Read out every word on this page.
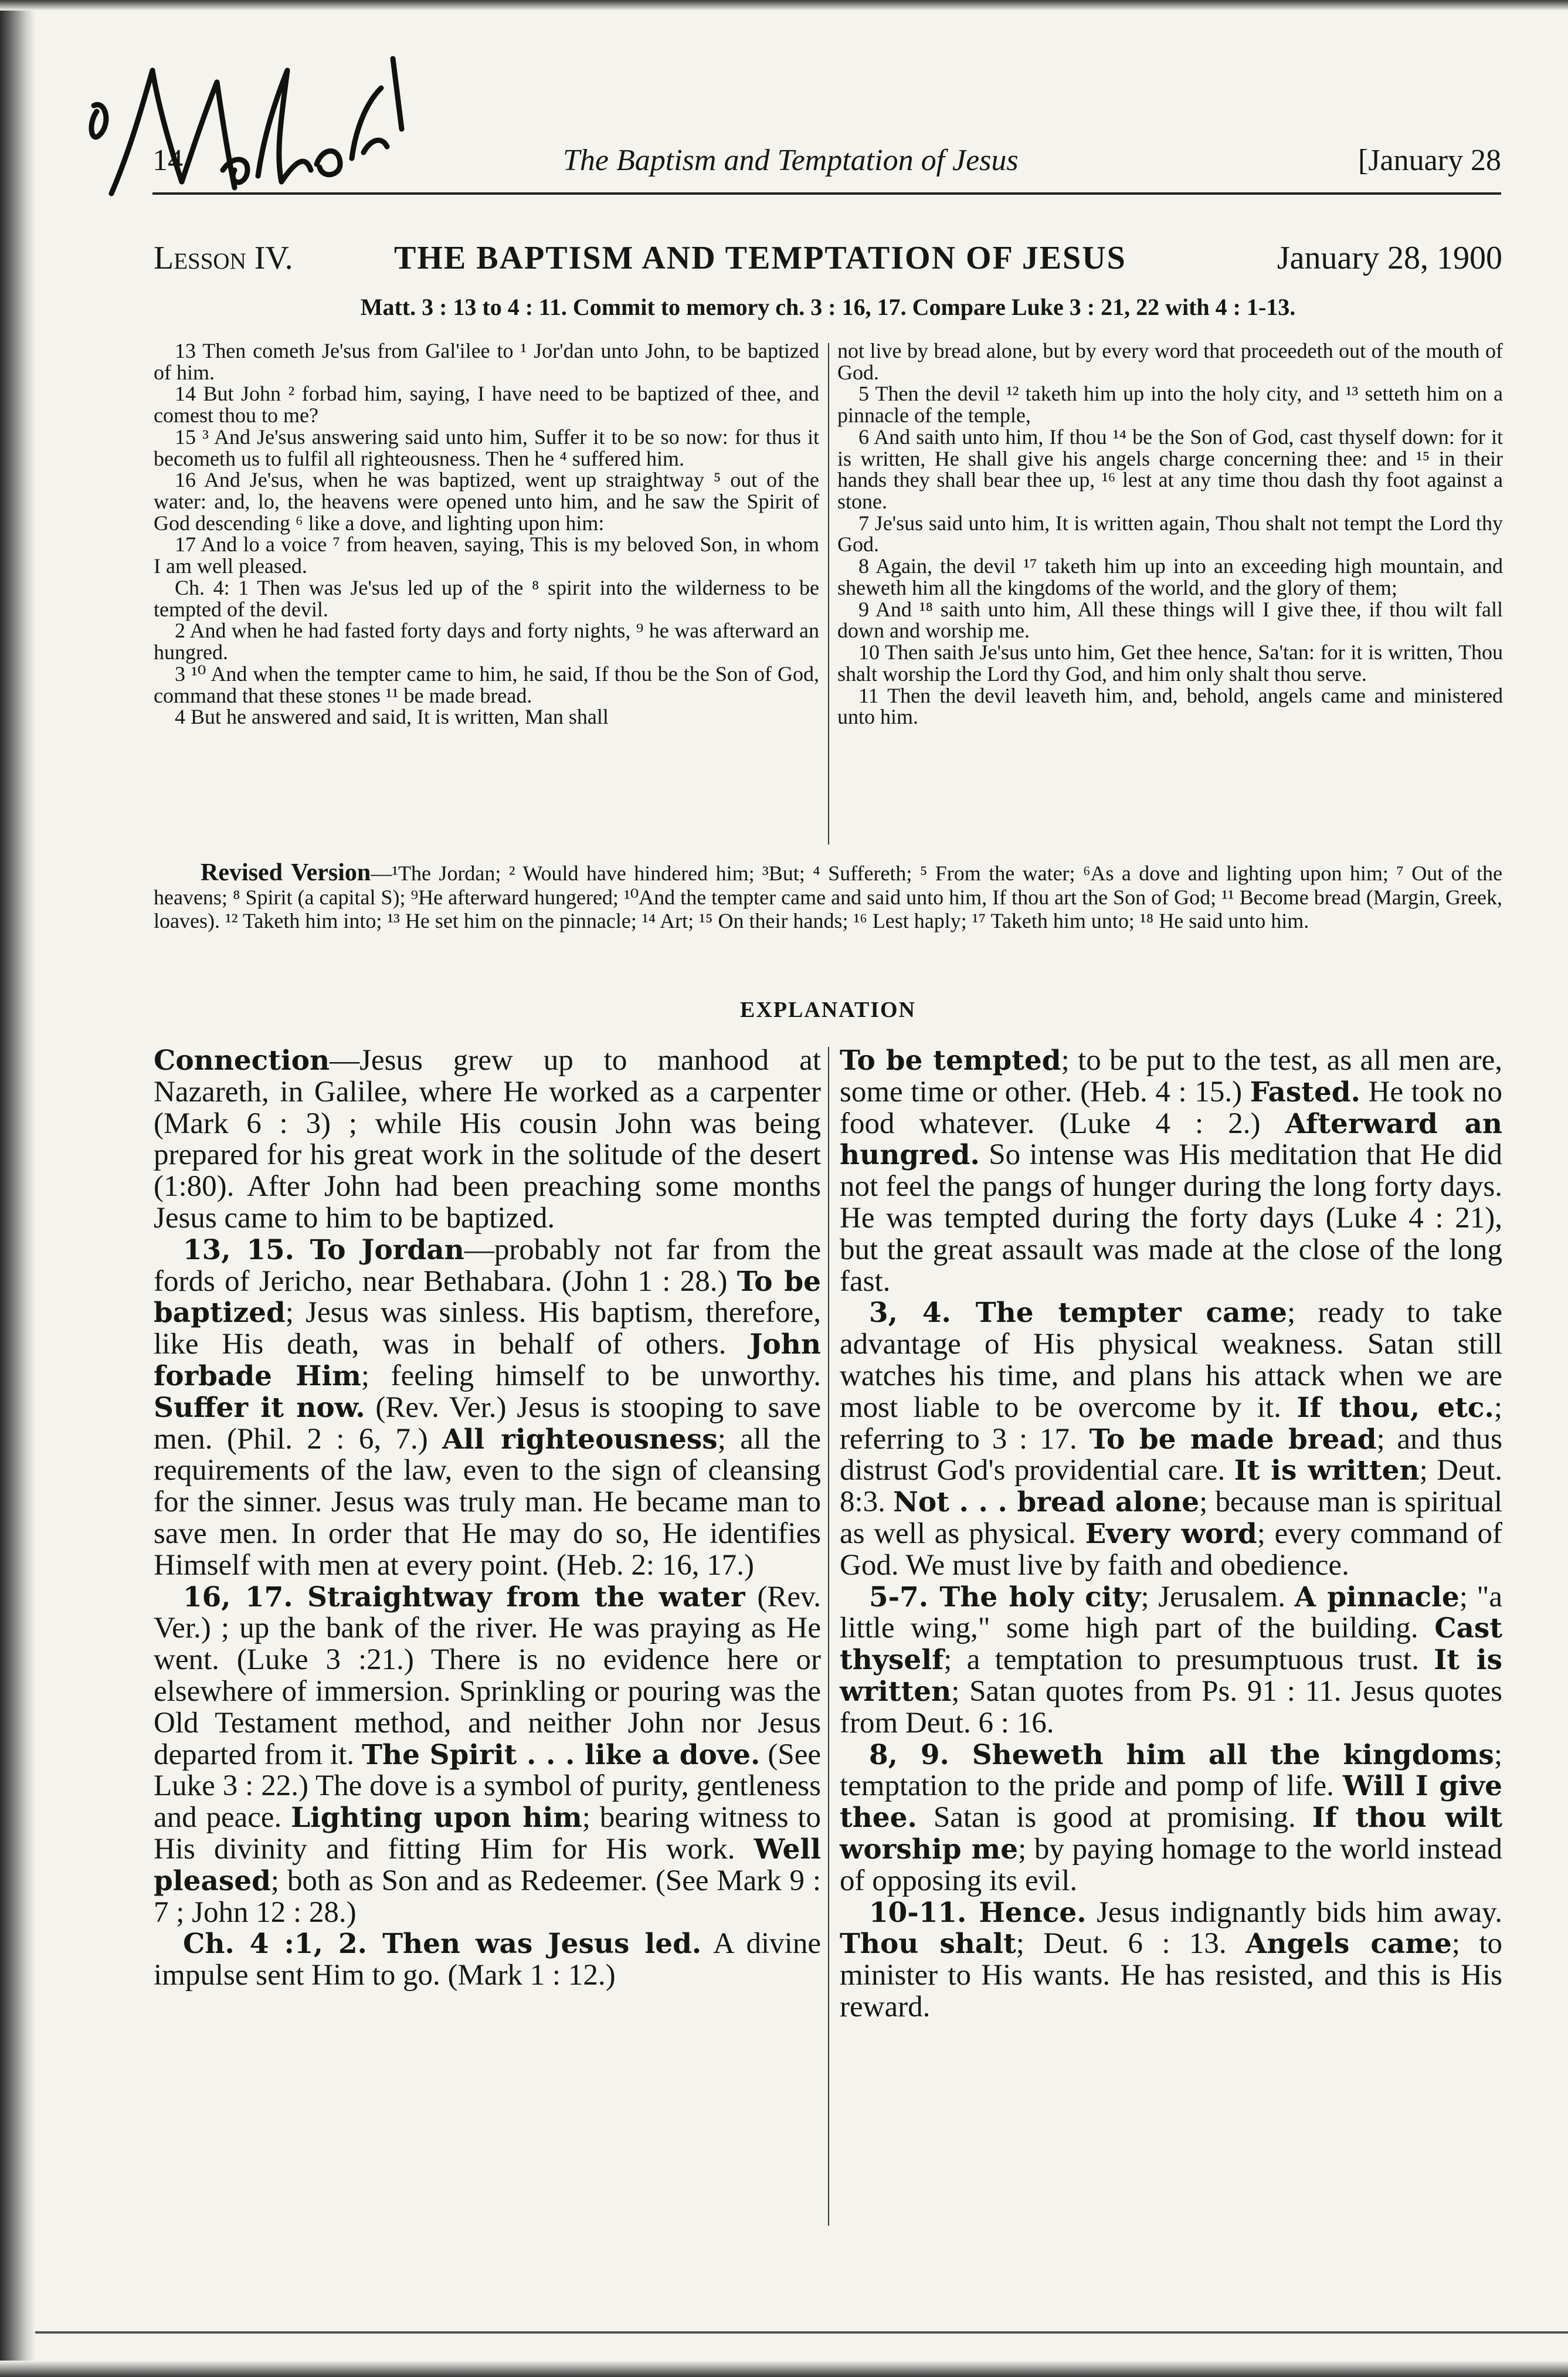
14	The Baptism and Temptation of Jesus	[January 28
Lesson IV.	THE BAPTISM AND TEMPTATION OF JESUS	January 28, 1900
Matt. 3 : 13 to 4 : 11. Commit to memory ch. 3 : 16, 17. Compare Luke 3 : 21, 22 with 4 : 1-13.

13 Then cometh Je'sus from Gal'ilee to ¹ Jor'dan unto John, to be baptized of him.

14 But John ² forbad him, saying, I have need to be baptized of thee, and comest thou to me?

15 ³ And Je'sus answering said unto him, Suffer it to be so now: for thus it becometh us to fulfil all righteousness. Then he ⁴ suffered him.

16 And Je'sus, when he was baptized, went up straightway ⁵ out of the water: and, lo, the heavens were opened unto him, and he saw the Spirit of God descending ⁶ like a dove, and lighting upon him:

17 And lo a voice ⁷ from heaven, saying, This is my beloved Son, in whom I am well pleased.

Ch. 4: 1 Then was Je'sus led up of the ⁸ spirit into the wilderness to be tempted of the devil.

2 And when he had fasted forty days and forty nights, ⁹ he was afterward an hungred.

3 ¹⁰ And when the tempter came to him, he said, If thou be the Son of God, command that these stones ¹¹ be made bread.

4 But he answered and said, It is written, Man shall

not live by bread alone, but by every word that proceedeth out of the mouth of God.

5 Then the devil ¹² taketh him up into the holy city, and ¹³ setteth him on a pinnacle of the temple,

6 And saith unto him, If thou ¹⁴ be the Son of God, cast thyself down: for it is written, He shall give his angels charge concerning thee: and ¹⁵ in their hands they shall bear thee up, ¹⁶ lest at any time thou dash thy foot against a stone.

7 Je'sus said unto him, It is written again, Thou shalt not tempt the Lord thy God.

8 Again, the devil ¹⁷ taketh him up into an exceeding high mountain, and sheweth him all the kingdoms of the world, and the glory of them;

9 And ¹⁸ saith unto him, All these things will I give thee, if thou wilt fall down and worship me.

10 Then saith Je'sus unto him, Get thee hence, Sa'tan: for it is written, Thou shalt worship the Lord thy God, and him only shalt thou serve.

11 Then the devil leaveth him, and, behold, angels came and ministered unto him.

Revised Version—¹The Jordan; ² Would have hindered him; ³But; ⁴ Suffereth; ⁵ From the water; ⁶As a dove and lighting upon him; ⁷ Out of the heavens; ⁸ Spirit (a capital S); ⁹He afterward hungered; ¹⁰And the tempter came and said unto him, If thou art the Son of God; ¹¹ Become bread (Margin, Greek, loaves). ¹² Taketh him into; ¹³ He set him on the pinnacle; ¹⁴ Art; ¹⁵ On their hands; ¹⁶ Lest haply; ¹⁷ Taketh him unto; ¹⁸ He said unto him.
EXPLANATION

Connection—Jesus grew up to manhood at Nazareth, in Galilee, where He worked as a carpenter (Mark 6 : 3) ; while His cousin John was being prepared for his great work in the solitude of the desert (1:80). After John had been preaching some months Jesus came to him to be baptized.

13, 15. To Jordan—probably not far from the fords of Jericho, near Bethabara. (John 1 : 28.) To be baptized; Jesus was sinless. His baptism, therefore, like His death, was in behalf of others. John forbade Him; feeling himself to be unworthy. Suffer it now. (Rev. Ver.) Jesus is stooping to save men. (Phil. 2 : 6, 7.) All righteousness; all the requirements of the law, even to the sign of cleansing for the sinner. Jesus was truly man. He became man to save men. In order that He may do so, He identifies Himself with men at every point. (Heb. 2: 16, 17.)

16, 17. Straightway from the water (Rev. Ver.) ; up the bank of the river. He was praying as He went. (Luke 3 :21.) There is no evidence here or elsewhere of immersion. Sprinkling or pouring was the Old Testament method, and neither John nor Jesus departed from it. The Spirit . . . like a dove. (See Luke 3 : 22.) The dove is a symbol of purity, gentleness and peace. Lighting upon him; bearing witness to His divinity and fitting Him for His work. Well pleased; both as Son and as Redeemer. (See Mark 9 : 7 ; John 12 : 28.)

Ch. 4 :1, 2. Then was Jesus led. A divine impulse sent Him to go. (Mark 1 : 12.)

To be tempted; to be put to the test, as all men are, some time or other. (Heb. 4 : 15.) Fasted. He took no food whatever. (Luke 4 : 2.) Afterward an hungred. So intense was His meditation that He did not feel the pangs of hunger during the long forty days. He was tempted during the forty days (Luke 4 : 21), but the great assault was made at the close of the long fast.

3, 4. The tempter came; ready to take advantage of His physical weakness. Satan still watches his time, and plans his attack when we are most liable to be overcome by it. If thou, etc.; referring to 3 : 17. To be made bread; and thus distrust God's providential care. It is written; Deut. 8:3. Not . . . bread alone; because man is spiritual as well as physical. Every word; every command of God. We must live by faith and obedience.

5-7. The holy city; Jerusalem. A pinnacle; "a little wing," some high part of the building. Cast thyself; a temptation to presumptuous trust. It is written; Satan quotes from Ps. 91 : 11. Jesus quotes from Deut. 6 : 16.

8, 9. Sheweth him all the kingdoms; temptation to the pride and pomp of life. Will I give thee. Satan is good at promising. If thou wilt worship me; by paying homage to the world instead of opposing its evil.

10-11. Hence. Jesus indignantly bids him away. Thou shalt; Deut. 6 : 13. Angels came; to minister to His wants. He has resisted, and this is His reward.
